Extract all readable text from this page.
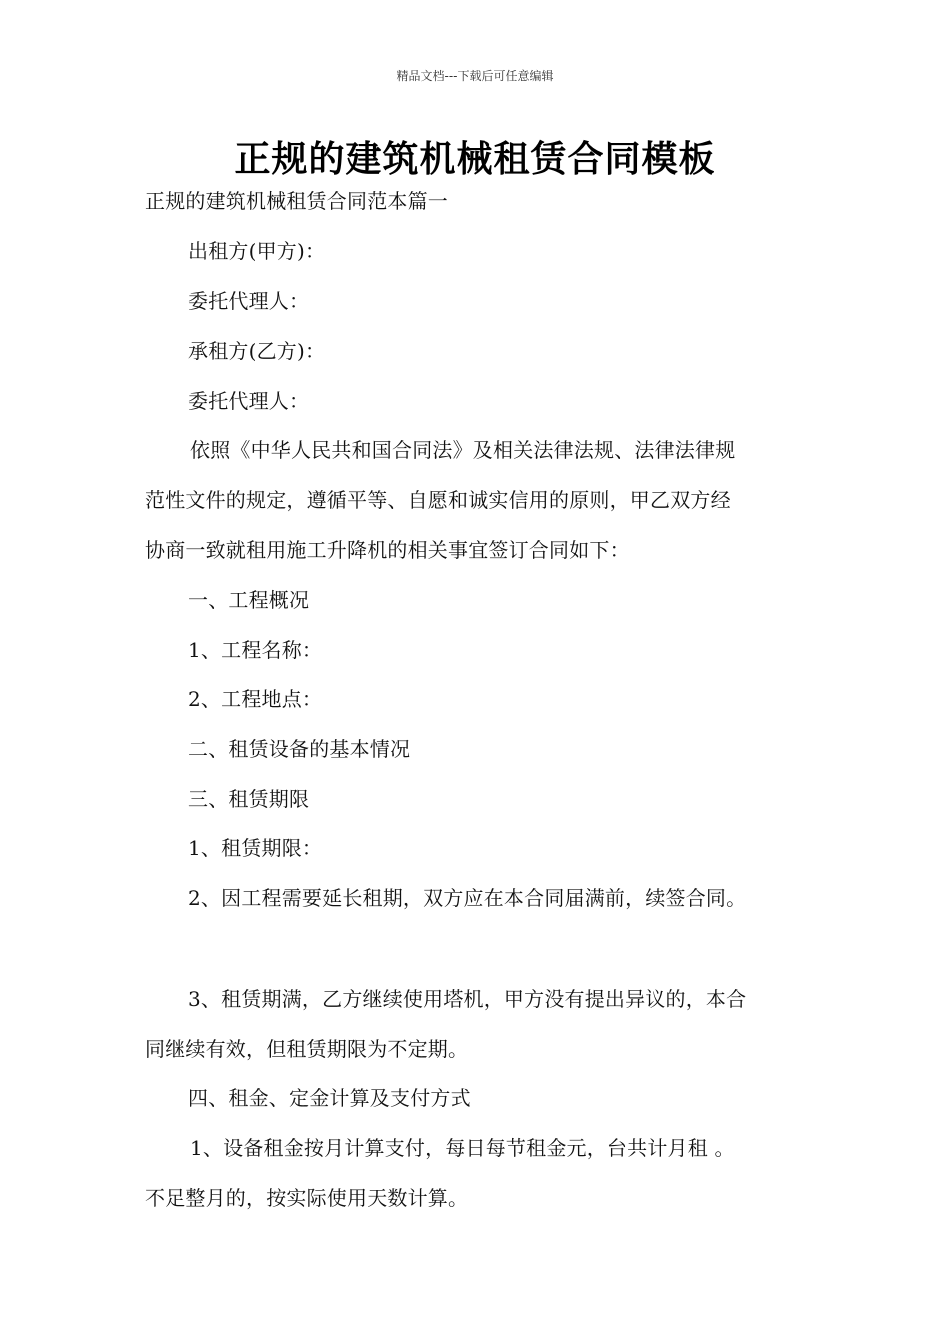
精品文档---下载后可任意编辑
正规的建筑机械租赁合同模板
正规的建筑机械租赁合同范本篇一
出租方(甲方)：
委托代理人：
承租方(乙方)：
委托代理人：
依照《中华人民共和国合同法》及相关法律法规、法律法律规
范性文件的规定，遵循平等、自愿和诚实信用的原则，甲乙双方经
协商一致就租用施工升降机的相关事宜签订合同如下：
一、工程概况
1、工程名称：
2、工程地点：
二、租赁设备的基本情况
三、租赁期限
1、租赁期限：
2、因工程需要延长租期，双方应在本合同届满前，续签合同。
3、租赁期满，乙方继续使用塔机，甲方没有提出异议的，本合
同继续有效，但租赁期限为不定期。
四、租金、定金计算及支付方式
1、设备租金按月计算支付，每日每节租金元，台共计月租 。
不足整月的，按实际使用天数计算。
